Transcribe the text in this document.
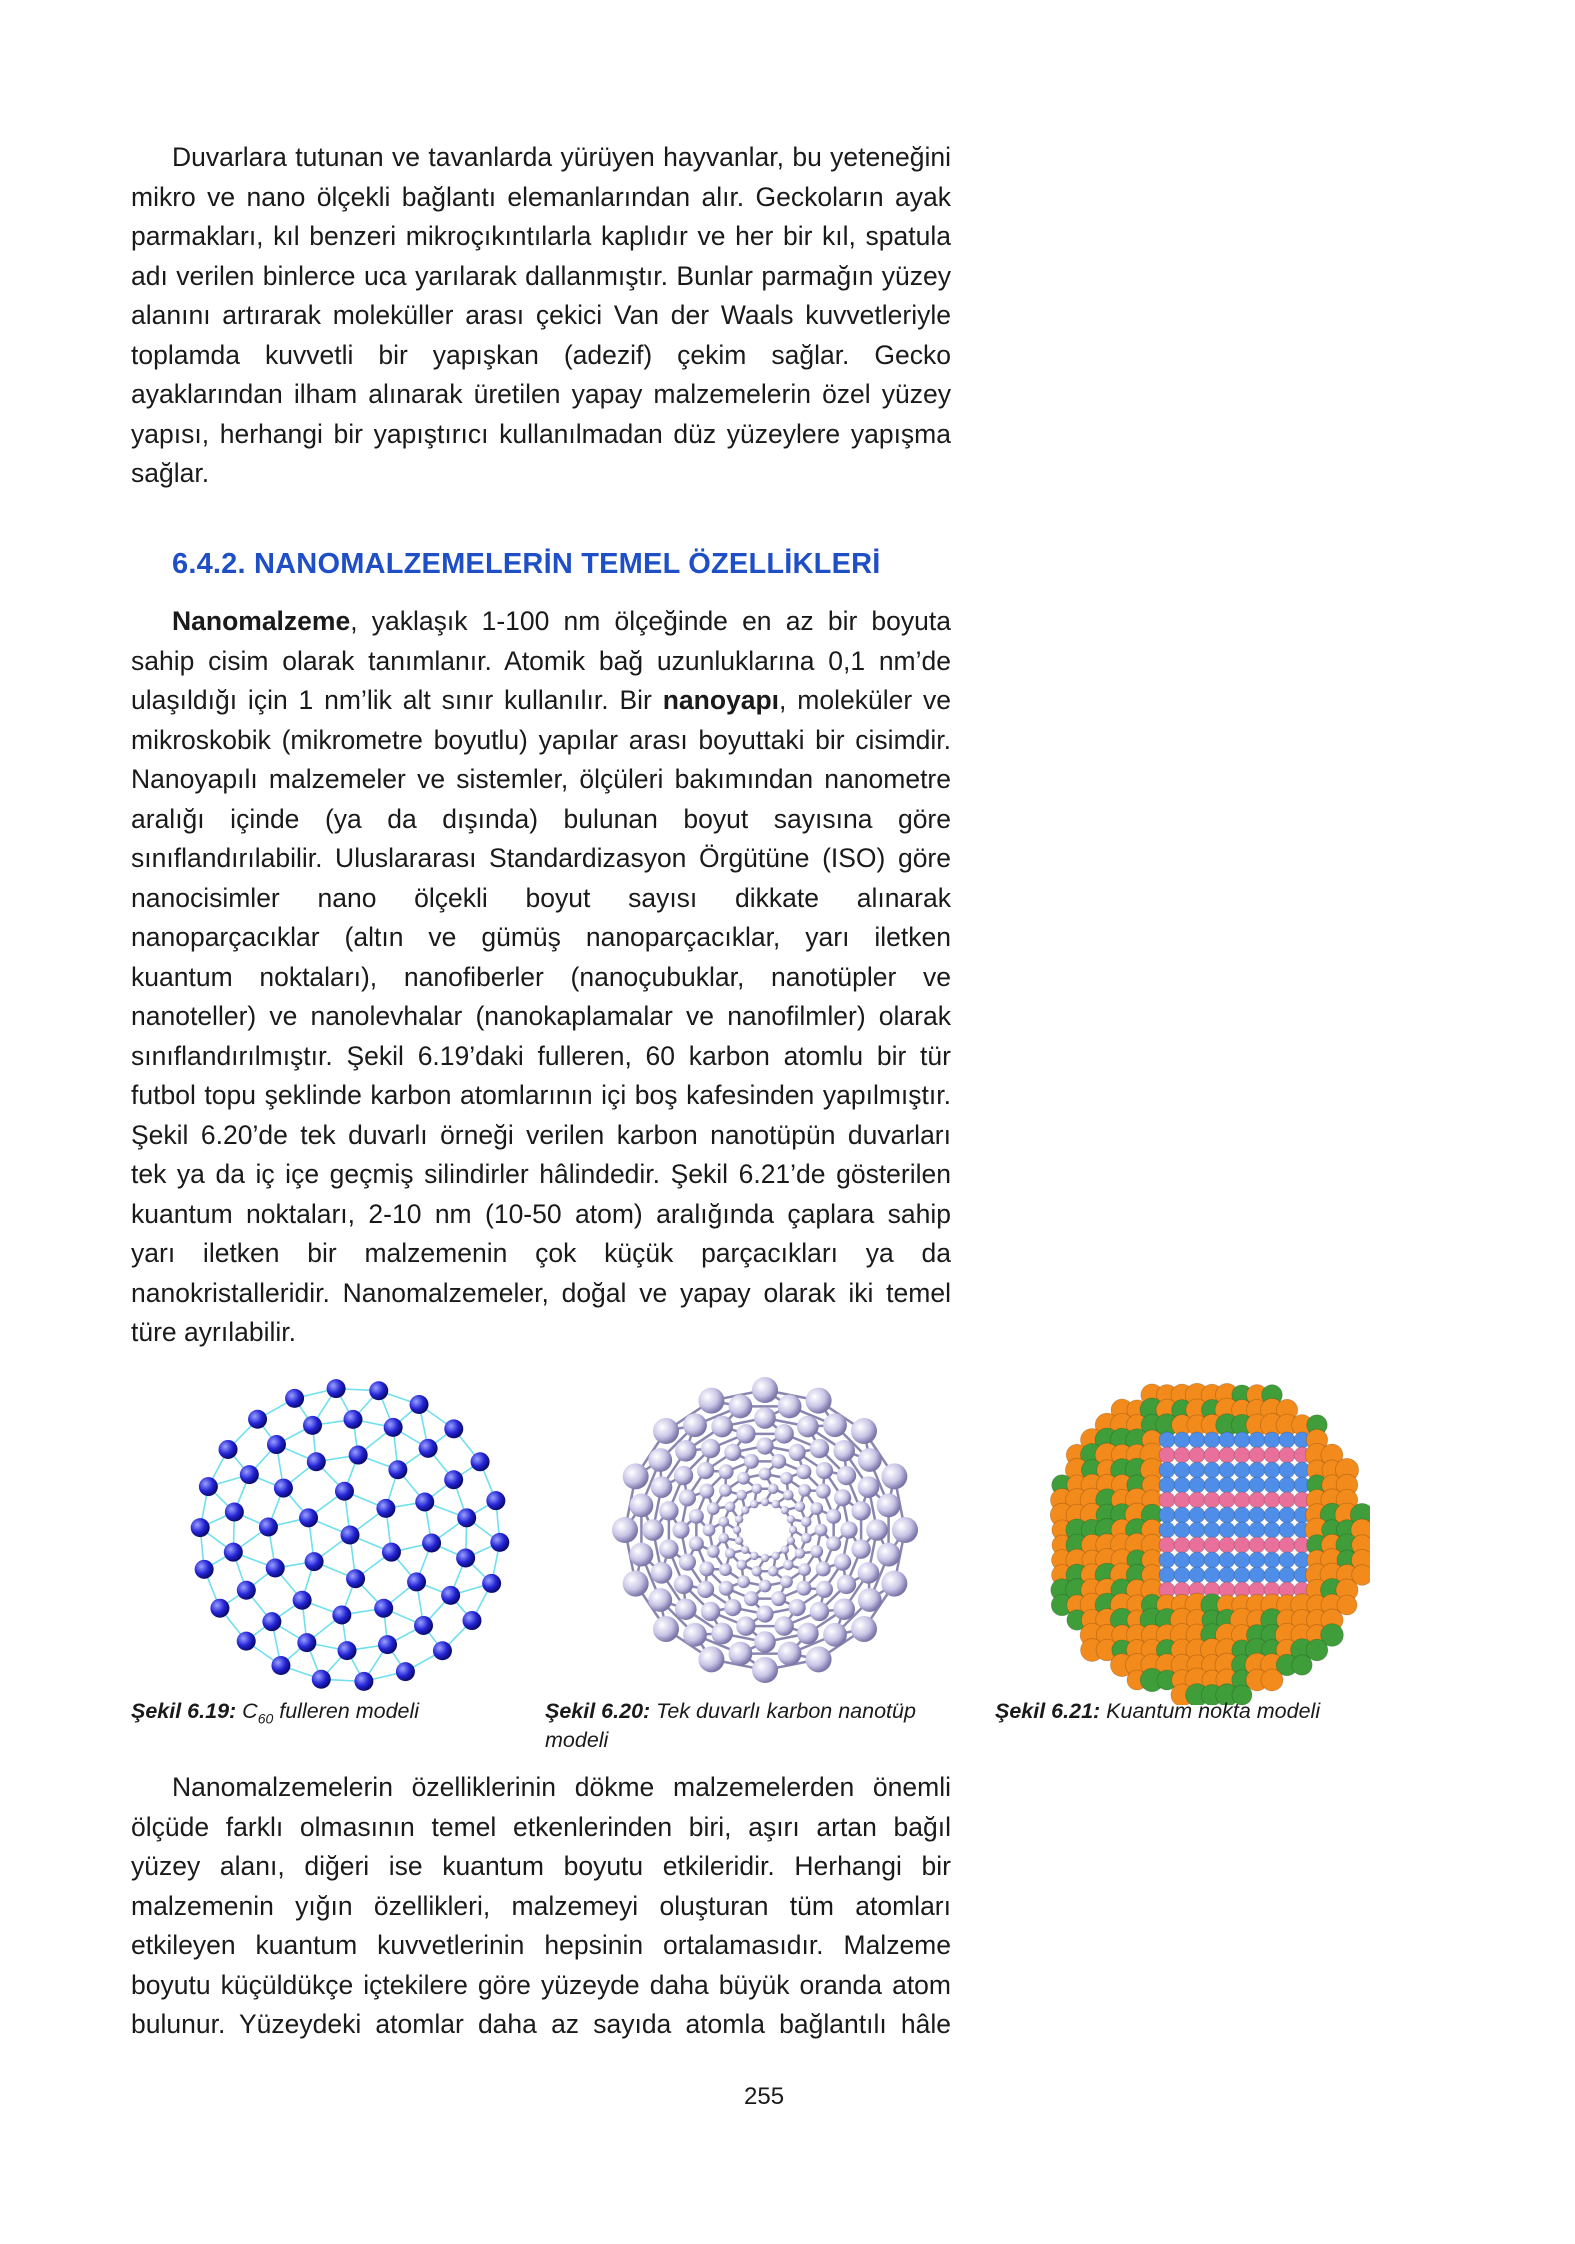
Duvarlara tutunan ve tavanlarda yürüyen hayvanlar, bu yeteneğini mikro ve nano ölçekli bağlantı elemanlarından alır. Geckoların ayak parmakları, kıl benzeri mikroçıkıntılarla kaplıdır ve her bir kıl, spatula adı verilen binlerce uca yarılarak dallanmıştır. Bunlar parmağın yüzey alanını artırarak moleküller arası çekici Van der Waals kuvvetleriyle toplamda kuvvetli bir yapışkan (adezif) çekim sağlar. Gecko ayaklarından ilham alınarak üretilen yapay malzemelerin özel yüzey yapısı, herhangi bir yapıştırıcı kullanılmadan düz yüzeylere yapışma sağlar.

6.4.2. NANOMALZEMELERİN TEMEL ÖZELLİKLERİ

Nanomalzeme, yaklaşık 1-100 nm ölçeğinde en az bir boyuta sahip cisim olarak tanımlanır. Atomik bağ uzunluklarına 0,1 nm’de ulaşıldığı için 1 nm’lik alt sınır kullanılır. Bir nanoyapı, moleküler ve mikroskobik (mikrometre boyutlu) yapılar arası boyuttaki bir cisimdir. Nanoyapılı malzemeler ve sistemler, ölçüleri bakımından nanometre aralığı içinde (ya da dışında) bulunan boyut sayısına göre sınıflandırılabilir. Uluslararası Standardizasyon Örgütüne (ISO) göre nanocisimler nano ölçekli boyut sayısı dikkate alınarak nanoparçacıklar (altın ve gümüş nanoparçacıklar, yarı iletken kuantum noktaları), nanofiberler (nanoçubuklar, nanotüpler ve nanoteller) ve nanolevhalar (nanokaplamalar ve nanofilmler) olarak sınıflandırılmıştır. Şekil 6.19’daki fulleren, 60 karbon atomlu bir tür futbol topu şeklinde karbon atomlarının içi boş kafesinden yapılmıştır. Şekil 6.20’de tek duvarlı örneği verilen karbon nanotüpün duvarları tek ya da iç içe geçmiş silindirler hâlindedir. Şekil 6.21’de gösterilen kuantum noktaları, 2-10 nm (10-50 atom) aralığında çaplara sahip yarı iletken bir malzemenin çok küçük parçacıkları ya da nanokristalleridir. Nanomalzemeler, doğal ve yapay olarak iki temel türe ayrılabilir.

Şekil 6.19: $C_{60}$ fulleren modeli	Şekil 6.20: Tek duvarlı karbon nanotüp modeli
Şekil 6.21: Kuantum nokta modeli

Nanomalzemelerin özelliklerinin dökme malzemelerden önemli ölçüde farklı olmasının temel etkenlerinden biri, aşırı artan bağıl yüzey alanı, diğeri ise kuantum boyutu etkileridir. Herhangi bir malzemenin yığın özellikleri, malzemeyi oluşturan tüm atomları etkileyen kuantum kuvvetlerinin hepsinin ortalamasıdır. Malzeme boyutu küçüldükçe içtekilere göre yüzeyde daha büyük oranda atom bulunur. Yüzeydeki atomlar daha az sayıda atomla bağlantılı hâle

255
